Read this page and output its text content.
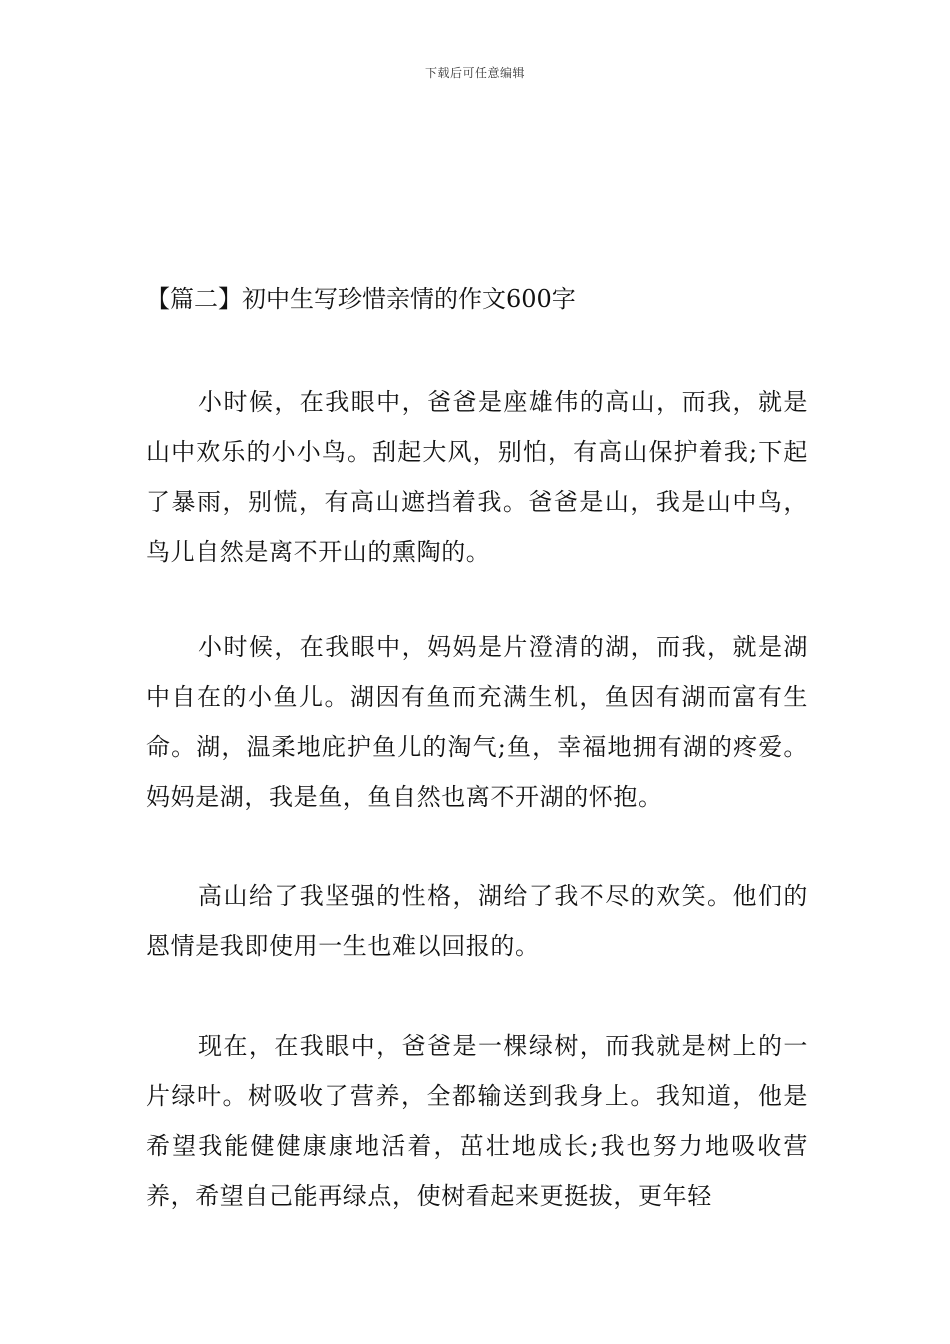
下载后可任意编辑
【篇二】初中生写珍惜亲情的作文600字

小时候，在我眼中，爸爸是座雄伟的高山，而我，就是山中欢乐的小小鸟。刮起大风，别怕，有高山保护着我;下起了暴雨，别慌，有高山遮挡着我。爸爸是山，我是山中鸟，鸟儿自然是离不开山的熏陶的。

小时候，在我眼中，妈妈是片澄清的湖，而我，就是湖中自在的小鱼儿。湖因有鱼而充满生机，鱼因有湖而富有生命。湖，温柔地庇护鱼儿的淘气;鱼，幸福地拥有湖的疼爱。妈妈是湖，我是鱼，鱼自然也离不开湖的怀抱。

高山给了我坚强的性格，湖给了我不尽的欢笑。他们的恩情是我即使用一生也难以回报的。

现在，在我眼中，爸爸是一棵绿树，而我就是树上的一片绿叶。树吸收了营养，全都输送到我身上。我知道，他是希望我能健健康康地活着，茁壮地成长;我也努力地吸收营养，希望自己能再绿点，使树看起来更挺拔，更年轻
